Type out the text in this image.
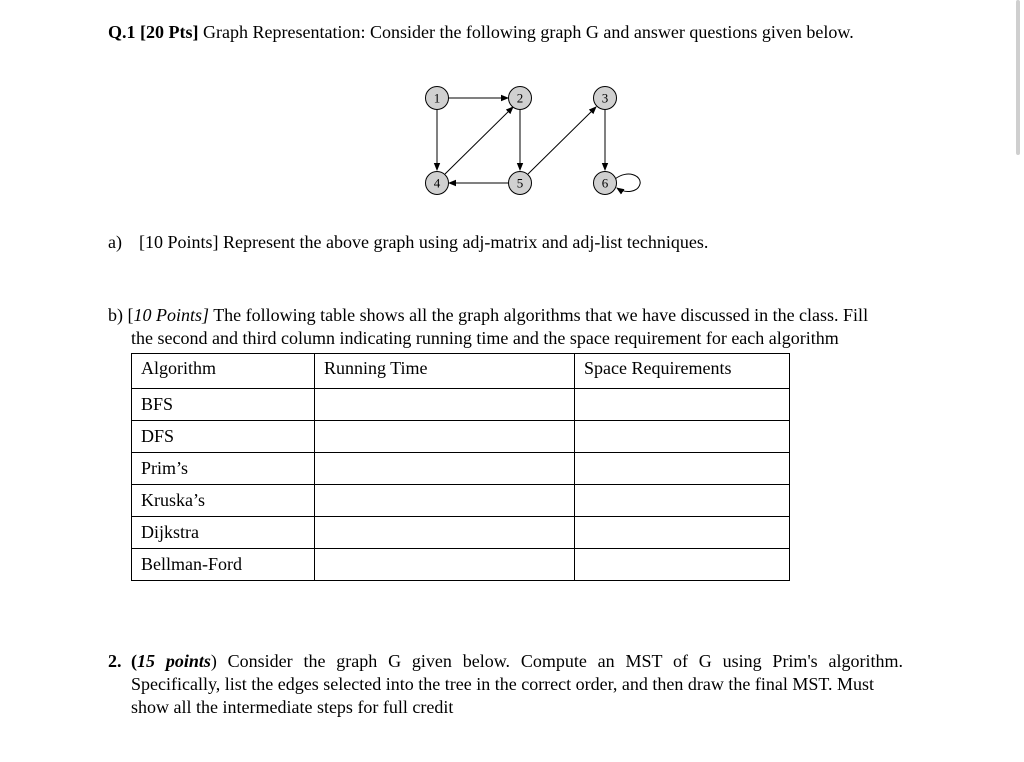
Q.1 [20 Pts] Graph Representation: Consider the following graph G and answer questions given below.
1	2	3
4	5	6
a) [10 Points] Represent the above graph using adj-matrix and adj-list techniques.
b) [10 Points] The following table shows all the graph algorithms that we have discussed in the class. Fill
the second and third column indicating running time and the space requirement for each algorithm
Algorithm	Running Time	Space Requirements
BFS		
DFS		
Prim’s		
Kruska’s		
Dijkstra		
Bellman-Ford		
2. (15 points) Consider the graph G given below. Compute an MST of G using Prim's algorithm.
Specifically, list the edges selected into the tree in the correct order, and then draw the final MST. Must
show all the intermediate steps for full credit
